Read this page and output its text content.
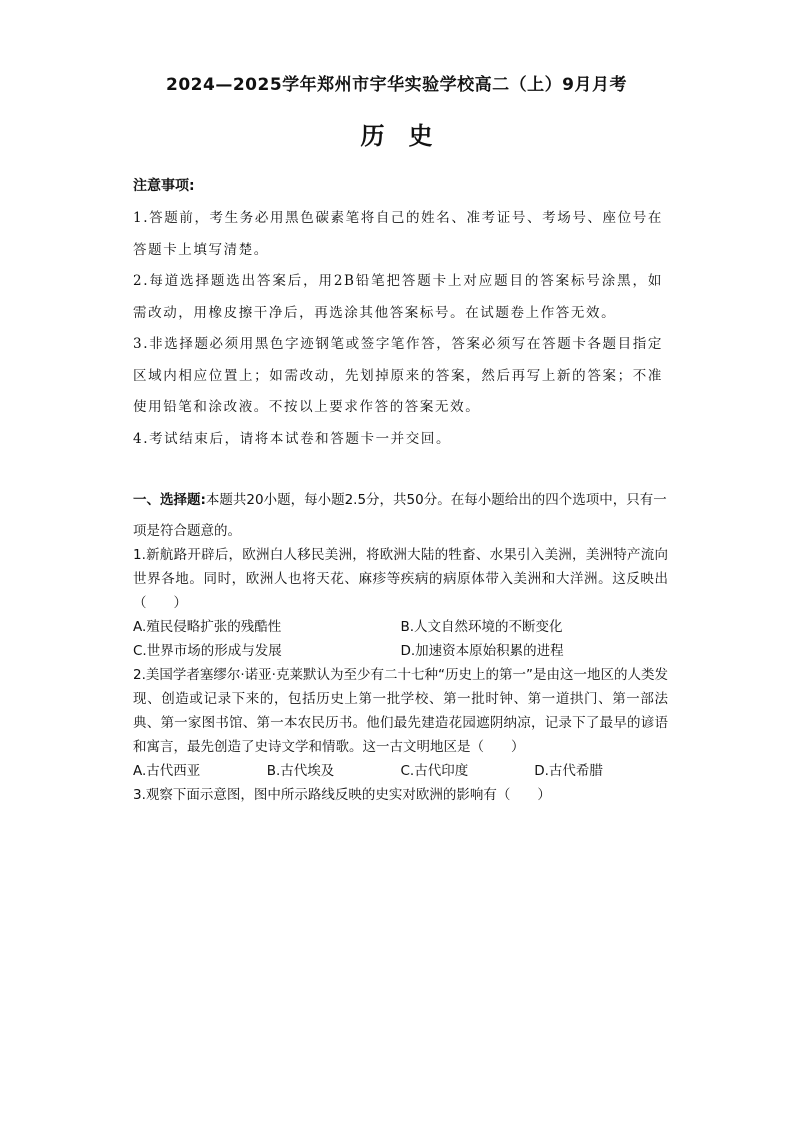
2024—2025学年郑州市宇华实验学校高二（上）9月月考
历史
注意事项:

1.答题前，考生务必用黑色碳素笔将自己的姓名、准考证号、考场号、座位号在答题卡上填写清楚。

2.每道选择题选出答案后，用2B铅笔把答题卡上对应题目的答案标号涂黑，如需改动，用橡皮擦干净后，再选涂其他答案标号。在试题卷上作答无效。

3.非选择题必须用黑色字迹钢笔或签字笔作答，答案必须写在答题卡各题目指定区域内相应位置上；如需改动，先划掉原来的答案，然后再写上新的答案；不准使用铅笔和涂改液。不按以上要求作答的答案无效。

4.考试结束后，请将本试卷和答题卡一并交回。

一、选择题:本题共20小题，每小题2.5分，共50分。在每小题给出的四个选项中，只有一项是符合题意的。

1.新航路开辟后，欧洲白人移民美洲，将欧洲大陆的牲畜、水果引入美洲，美洲特产流向世界各地。同时，欧洲人也将天花、麻疹等疾病的病原体带入美洲和大洋洲。这反映出（　　）

A.殖民侵略扩张的残酷性	B.人文自然环境的不断变化
C.世界市场的形成与发展	D.加速资本原始积累的进程

2.美国学者塞缪尔·诺亚·克莱默认为至少有二十七种“历史上的第一”是由这一地区的人类发现、创造或记录下来的，包括历史上第一批学校、第一批时钟、第一道拱门、第一部法典、第一家图书馆、第一本农民历书。他们最先建造花园遮阴纳凉，记录下了最早的谚语和寓言，最先创造了史诗文学和情歌。这一古文明地区是（　　）

A.古代西亚	B.古代埃及	C.古代印度	D.古代希腊

3.观察下面示意图，图中所示路线反映的史实对欧洲的影响有（　　）
